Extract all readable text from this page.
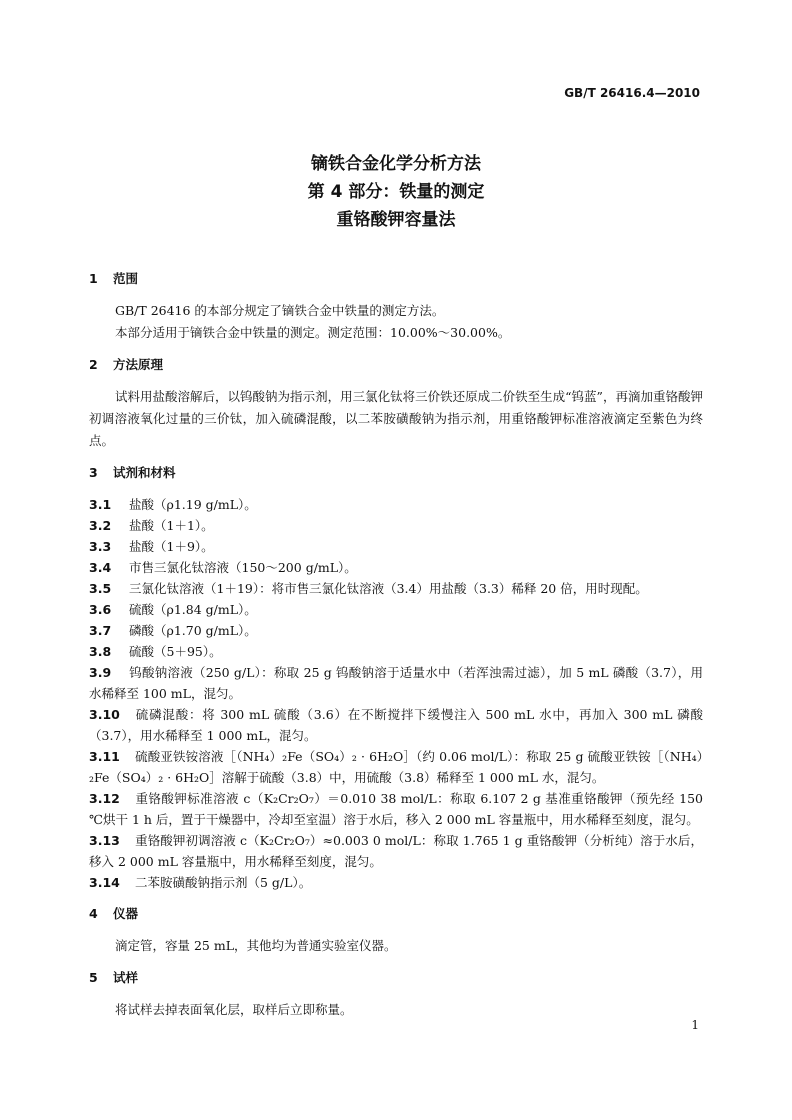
GB/T 26416.4—2010
镝铁合金化学分析方法
第 4 部分：铁量的测定
重铬酸钾容量法
1 范围

GB/T 26416 的本部分规定了镝铁合金中铁量的测定方法。

本部分适用于镝铁合金中铁量的测定。测定范围：10.00%～30.00%。

2 方法原理

试料用盐酸溶解后，以钨酸钠为指示剂，用三氯化钛将三价铁还原成二价铁至生成“钨蓝”，再滴加重铬酸钾初调溶液氧化过量的三价钛，加入硫磷混酸，以二苯胺磺酸钠为指示剂，用重铬酸钾标准溶液滴定至紫色为终点。

3 试剂和材料

3.1 盐酸（ρ1.19 g/mL）。

3.2 盐酸（1＋1）。

3.3 盐酸（1＋9）。

3.4 市售三氯化钛溶液（150～200 g/mL）。

3.5 三氯化钛溶液（1＋19）：将市售三氯化钛溶液（3.4）用盐酸（3.3）稀释 20 倍，用时现配。

3.6 硫酸（ρ1.84 g/mL）。

3.7 磷酸（ρ1.70 g/mL）。

3.8 硫酸（5＋95）。

3.9 钨酸钠溶液（250 g/L）：称取 25 g 钨酸钠溶于适量水中（若浑浊需过滤），加 5 mL 磷酸（3.7），用水稀释至 100 mL，混匀。

3.10 硫磷混酸：将 300 mL 硫酸（3.6）在不断搅拌下缓慢注入 500 mL 水中，再加入 300 mL 磷酸（3.7），用水稀释至 1 000 mL，混匀。

3.11 硫酸亚铁铵溶液［（NH₄）₂Fe（SO₄）₂ · 6H₂O］（约 0.06 mol/L）：称取 25 g 硫酸亚铁铵［（NH₄）₂Fe（SO₄）₂ · 6H₂O］溶解于硫酸（3.8）中，用硫酸（3.8）稀释至 1 000 mL 水，混匀。

3.12 重铬酸钾标准溶液 c（K₂Cr₂O₇）＝0.010 38 mol/L：称取 6.107 2 g 基准重铬酸钾（预先经 150 ℃烘干 1 h 后，置于干燥器中，冷却至室温）溶于水后，移入 2 000 mL 容量瓶中，用水稀释至刻度，混匀。

3.13 重铬酸钾初调溶液 c（K₂Cr₂O₇）≈0.003 0 mol/L：称取 1.765 1 g 重铬酸钾（分析纯）溶于水后，移入 2 000 mL 容量瓶中，用水稀释至刻度，混匀。

3.14 二苯胺磺酸钠指示剂（5 g/L）。

4 仪器

滴定管，容量 25 mL，其他均为普通实验室仪器。

5 试样

将试样去掉表面氧化层，取样后立即称量。

1
